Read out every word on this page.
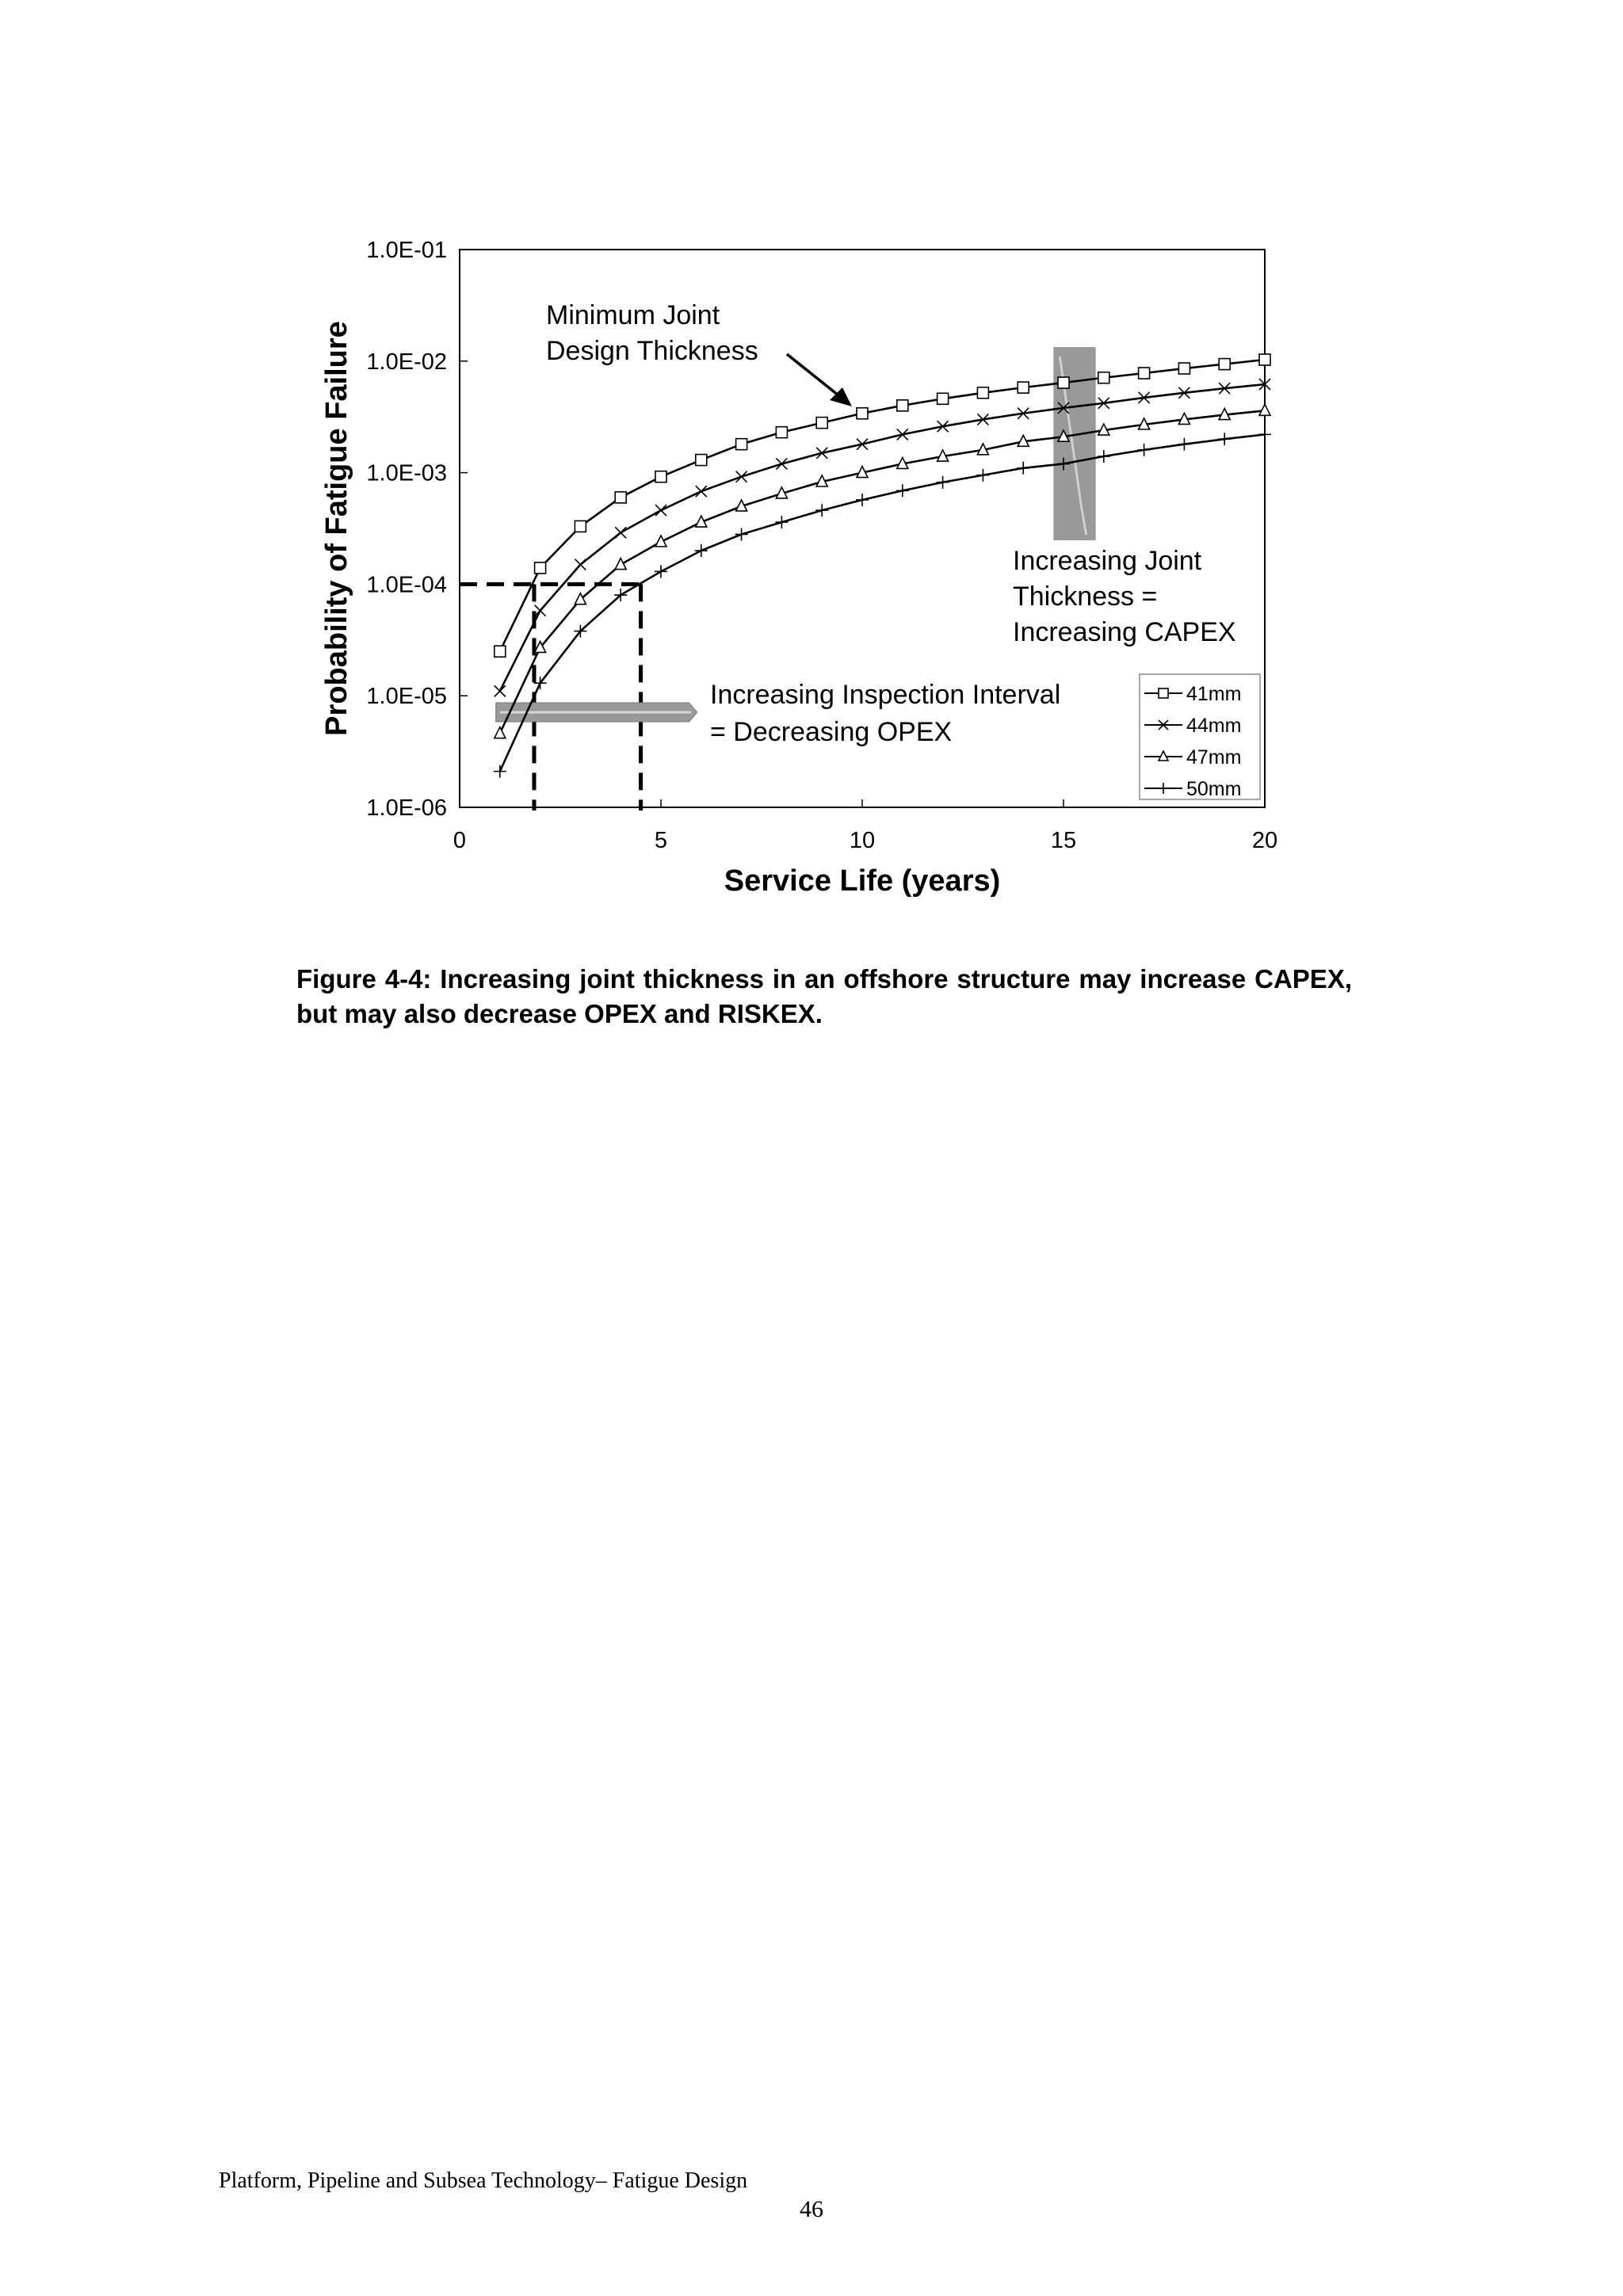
1.0E-01
1.0E-02
1.0E-03
1.0E-04
1.0E-05
1.0E-06
0	5	10	15	20
Minimum Joint
Design Thickness
Increasing Joint
Thickness =
Increasing CAPEX
Increasing Inspection Interval
= Decreasing OPEX
Service Life (years)
Probability of Fatigue Failure	41mm
44mm
47mm
50mm
Figure 4-4: Increasing joint thickness in an offshore structure may increase CAPEX, but may also decrease OPEX and RISKEX.
Platform, Pipeline and Subsea Technology– Fatigue Design
46
